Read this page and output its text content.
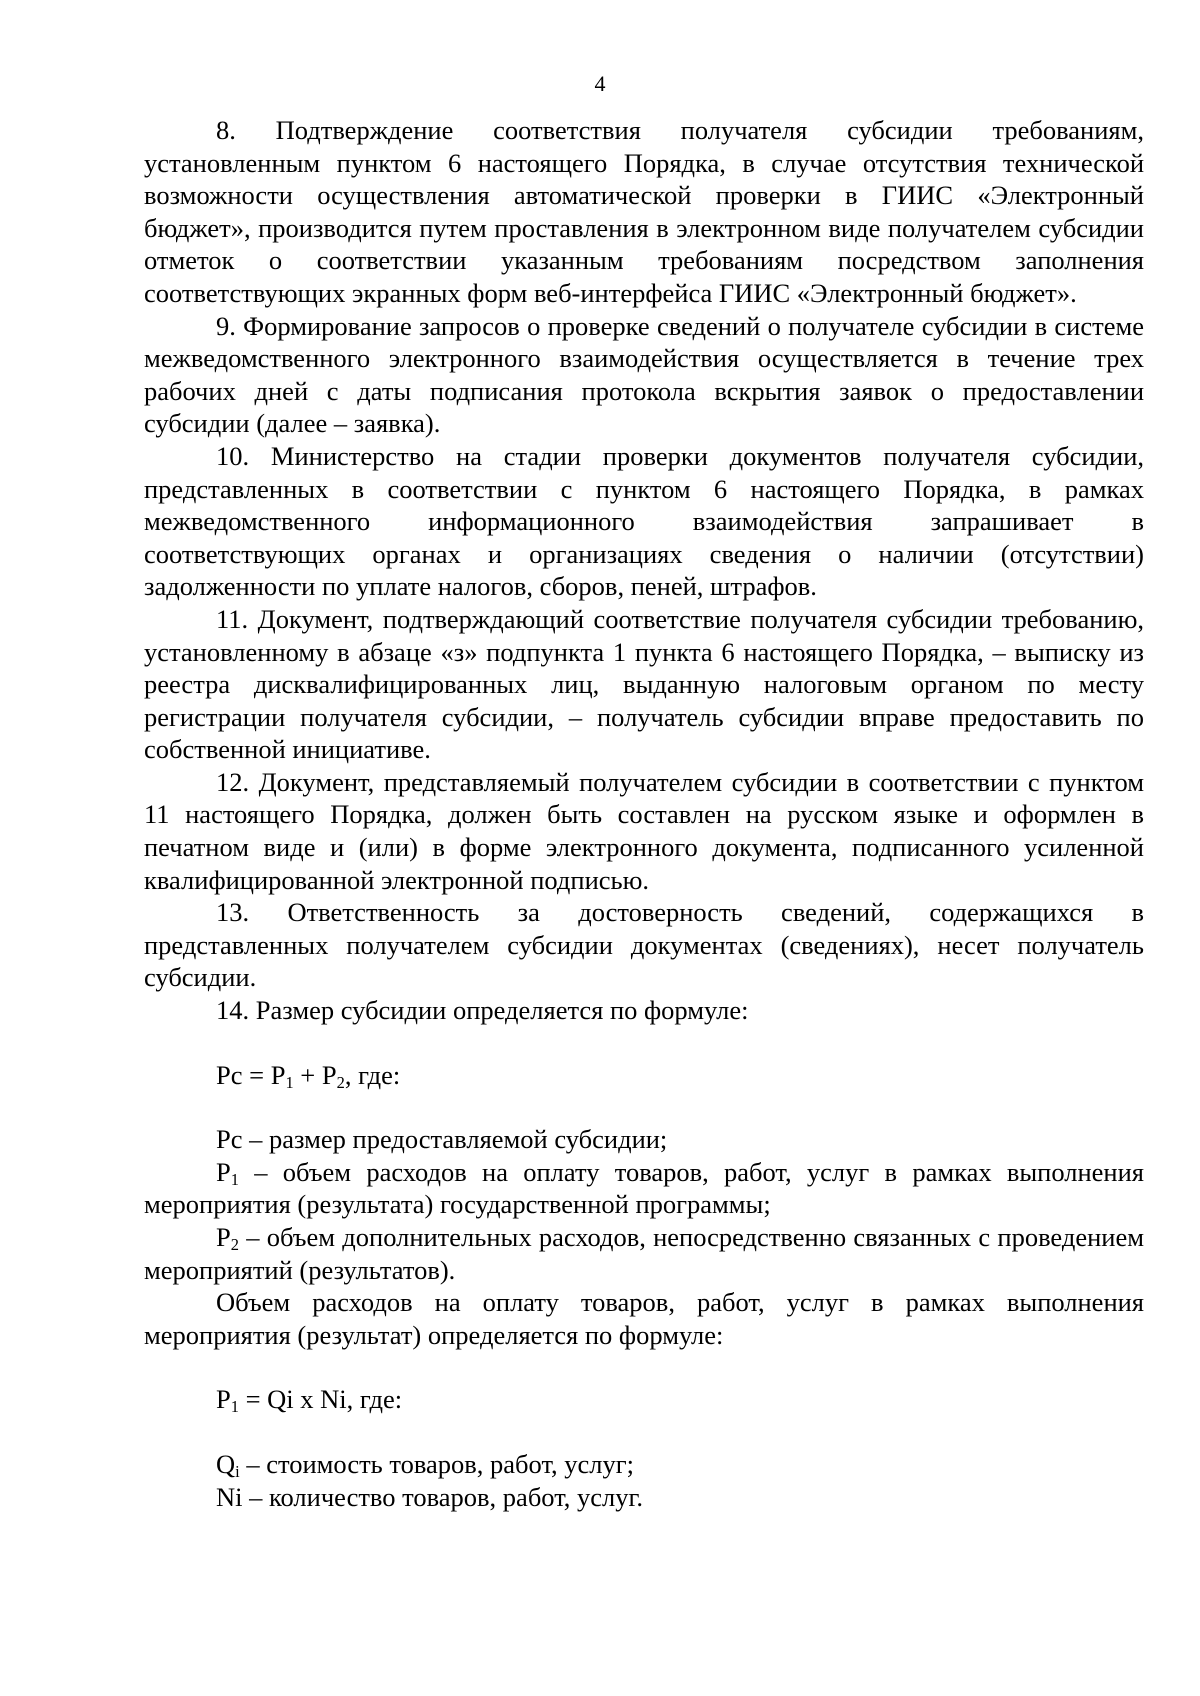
4

8. Подтверждение соответствия получателя субсидии требованиям, установленным пунктом 6 настоящего Порядка, в случае отсутствия технической возможности осуществления автоматической проверки в ГИИС «Электронный бюджет», производится путем проставления в электронном виде получателем субсидии отметок о соответствии указанным требованиям посредством заполнения соответствующих экранных форм веб-интерфейса ГИИС «Электронный бюджет».

9. Формирование запросов о проверке сведений о получателе субсидии в системе межведомственного электронного взаимодействия осуществляется в течение трех рабочих дней с даты подписания протокола вскрытия заявок о предоставлении субсидии (далее – заявка).

10. Министерство на стадии проверки документов получателя субсидии, представленных в соответствии с пунктом 6 настоящего Порядка, в рамках межведомственного информационного взаимодействия запрашивает в соответствующих органах и организациях сведения о наличии (отсутствии) задолженности по уплате налогов, сборов, пеней, штрафов.

11. Документ, подтверждающий соответствие получателя субсидии требованию, установленному в абзаце «з» подпункта 1 пункта 6 настоящего Порядка, – выписку из реестра дисквалифицированных лиц, выданную налоговым органом по месту регистрации получателя субсидии, – получатель субсидии вправе предоставить по собственной инициативе.

12. Документ, представляемый получателем субсидии в соответствии с пунктом 11 настоящего Порядка, должен быть составлен на русском языке и оформлен в печатном виде и (или) в форме электронного документа, подписанного усиленной квалифицированной электронной подписью.

13. Ответственность за достоверность сведений, содержащихся в представленных получателем субсидии документах (сведениях), несет получатель субсидии.

14. Размер субсидии определяется по формуле:

Рс = $Р_1 + Р_2$, где:

Рс – размер предоставляемой субсидии;

$Р_1$ – объем расходов на оплату товаров, работ, услуг в рамках выполнения мероприятия (результата) государственной программы;

$Р_2$ – объем дополнительных расходов, непосредственно связанных с проведением мероприятий (результатов).

Объем расходов на оплату товаров, работ, услуг в рамках выполнения мероприятия (результат) определяется по формуле:

$Р_1 = Qi$ x Ni, где:

$Q_i$ – стоимость товаров, работ, услуг;

Ni – количество товаров, работ, услуг.
